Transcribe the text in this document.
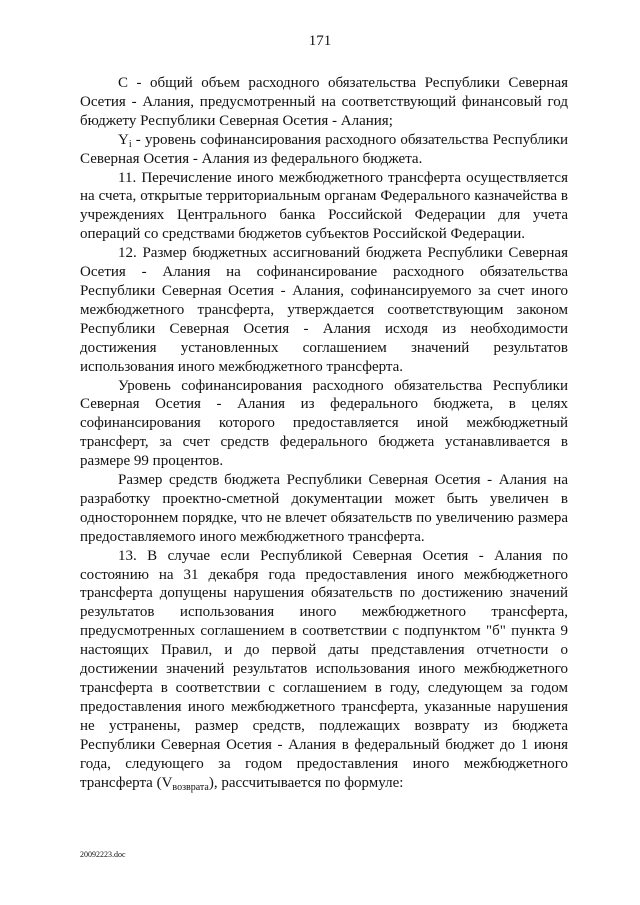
171

С - общий объем расходного обязательства Республики Северная Осетия - Алания, предусмотренный на соответствующий финансовый год бюджету Республики Северная Осетия - Алания;

$Y_i$ - уровень софинансирования расходного обязательства Республики Северная Осетия - Алания из федерального бюджета.

11. Перечисление иного межбюджетного трансферта осуществляется на счета, открытые территориальным органам Федерального казначейства в учреждениях Центрального банка Российской Федерации для учета операций со средствами бюджетов субъектов Российской Федерации.

12. Размер бюджетных ассигнований бюджета Республики Северная Осетия - Алания на софинансирование расходного обязательства Республики Северная Осетия - Алания, софинансируемого за счет иного межбюджетного трансферта, утверждается соответствующим законом Республики Северная Осетия - Алания исходя из необходимости достижения установленных соглашением значений результатов использования иного межбюджетного трансферта.

Уровень софинансирования расходного обязательства Республики Северная Осетия - Алания из федерального бюджета, в целях софинансирования которого предоставляется иной межбюджетный трансферт, за счет средств федерального бюджета устанавливается в размере 99 процентов.

Размер средств бюджета Республики Северная Осетия - Алания на разработку проектно-сметной документации может быть увеличен в одностороннем порядке, что не влечет обязательств по увеличению размера предоставляемого иного межбюджетного трансферта.

13. В случае если Республикой Северная Осетия - Алания по состоянию на 31 декабря года предоставления иного межбюджетного трансферта допущены нарушения обязательств по достижению значений результатов использования иного межбюджетного трансферта, предусмотренных соглашением в соответствии с подпунктом "б" пункта 9 настоящих Правил, и до первой даты представления отчетности о достижении значений результатов использования иного межбюджетного трансферта в соответствии с соглашением в году, следующем за годом предоставления иного межбюджетного трансферта, указанные нарушения не устранены, размер средств, подлежащих возврату из бюджета Республики Северная Осетия - Алания в федеральный бюджет до 1 июня года, следующего за годом предоставления иного межбюджетного трансферта $(V_{возврата})$, рассчитывается по формуле:

20092223.doc
